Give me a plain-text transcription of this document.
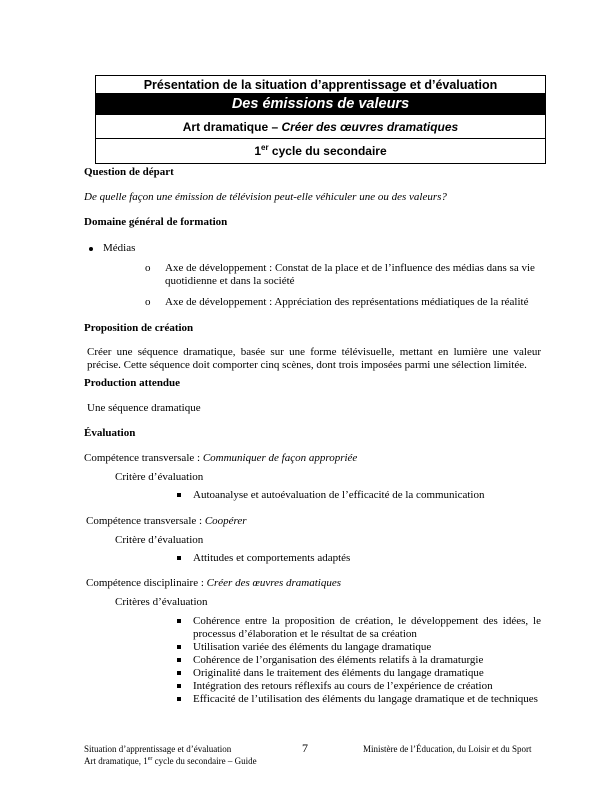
Présentation de la situation d’apprentissage et d’évaluation
Des émissions de valeurs
Art dramatique – Créer des œuvres dramatiques
1er cycle du secondaire
Question de départ
De quelle façon une émission de télévision peut-elle véhiculer une ou des valeurs?
Domaine général de formation
Médias
o Axe de développement : Constat de la place et de l’influence des médias dans sa vie
quotidienne et dans la société
o Axe de développement : Appréciation des représentations médiatiques de la réalité
Proposition de création
Créer une séquence dramatique, basée sur une forme télévisuelle, mettant en lumière une valeur précise. Cette séquence doit comporter cinq scènes, dont trois imposées parmi une sélection limitée.
Production attendue
Une séquence dramatique
Évaluation
Compétence transversale : Communiquer de façon appropriée
Critère d’évaluation
Autoanalyse et autoévaluation de l’efficacité de la communication
Compétence transversale : Coopérer
Critère d’évaluation
Attitudes et comportements adaptés
Compétence disciplinaire : Créer des œuvres dramatiques
Critères d’évaluation
Cohérence entre la proposition de création, le développement des idées, le
processus d’élaboration et le résultat de sa création
Utilisation variée des éléments du langage dramatique
Cohérence de l’organisation des éléments relatifs à la dramaturgie
Originalité dans le traitement des éléments du langage dramatique
Intégration des retours réflexifs au cours de l’expérience de création
Efficacité de l’utilisation des éléments du langage dramatique et de techniques
Situation d’apprentissage et d’évaluation
Art dramatique, 1er cycle du secondaire – Guide
7	Ministère de l’Éducation, du Loisir et du Sport
